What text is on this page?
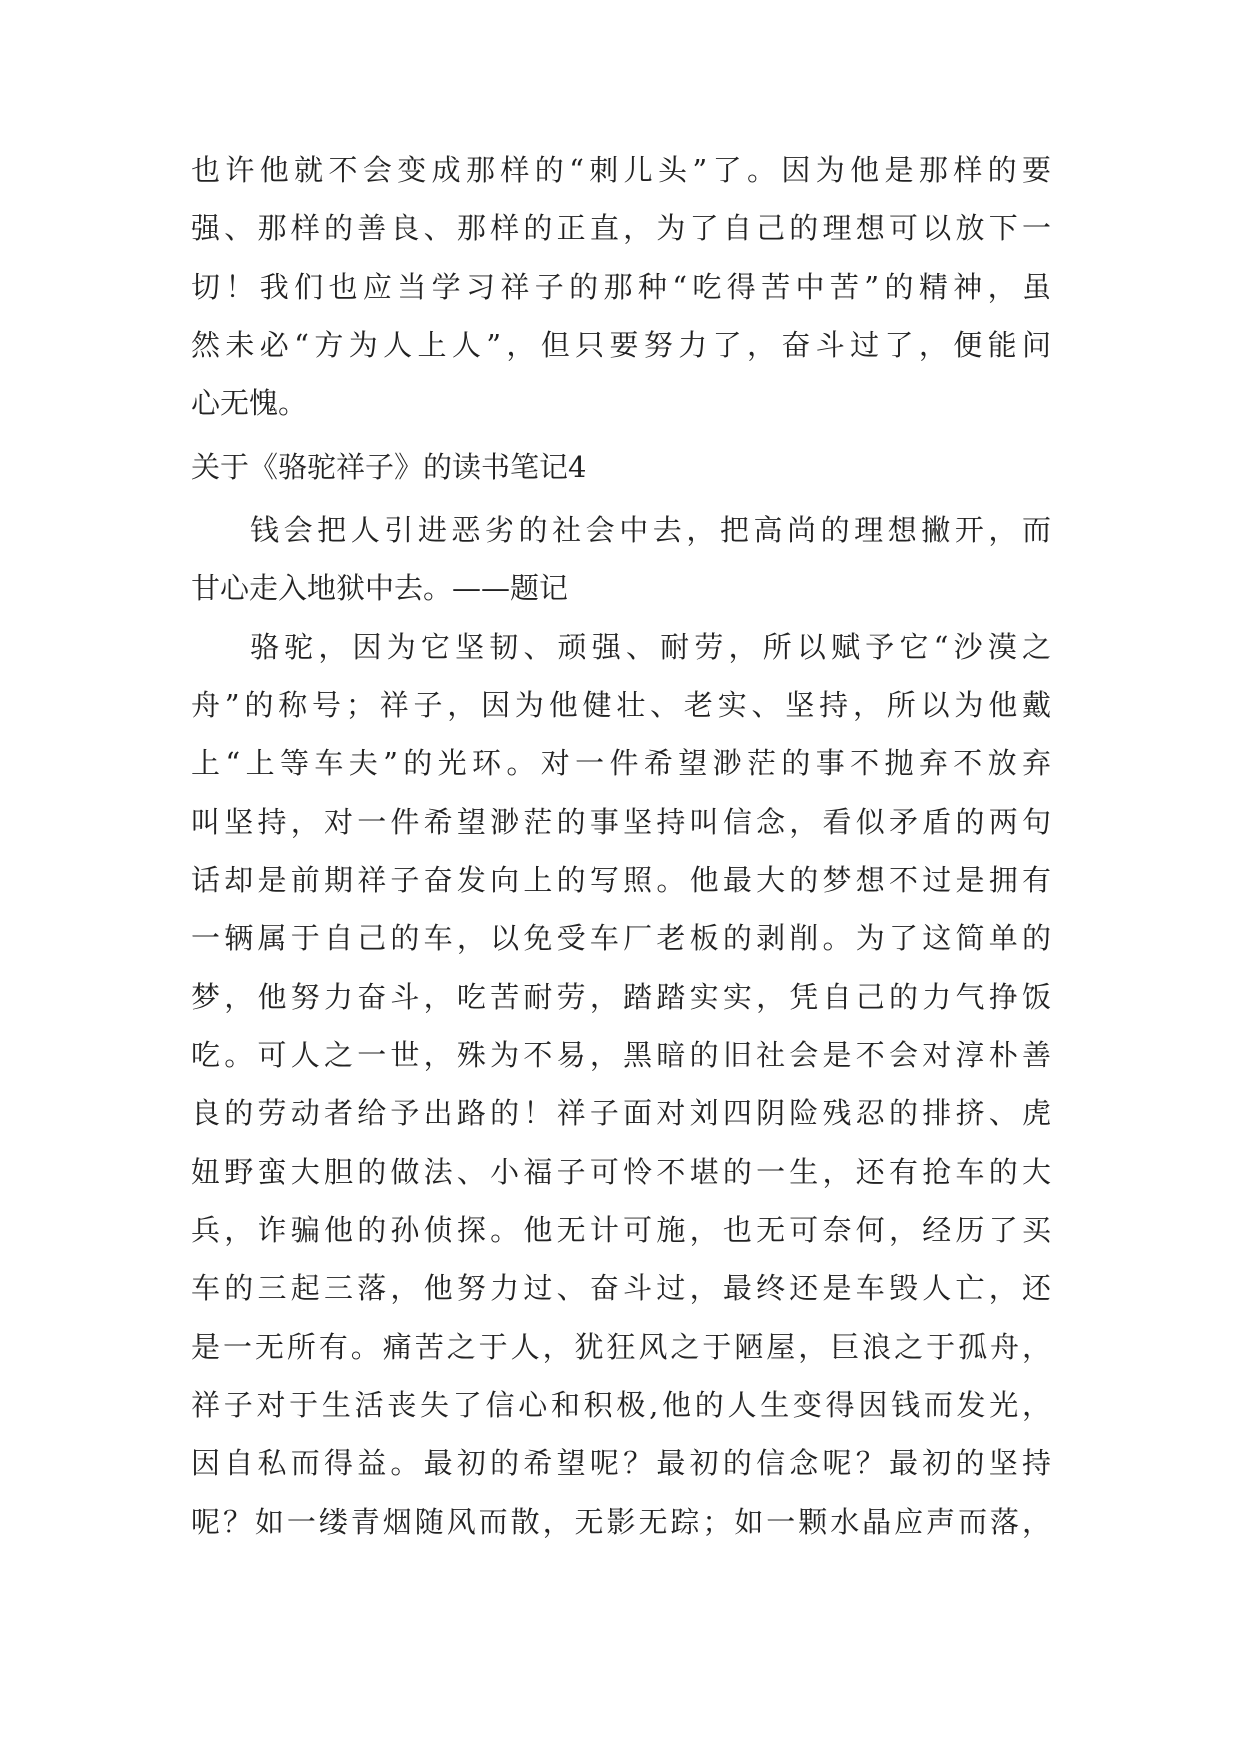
也许他就不会变成那样的“刺儿头”了。因为他是那样的要
强、那样的善良、那样的正直，为了自己的理想可以放下一
切！我们也应当学习祥子的那种“吃得苦中苦”的精神，虽
然未必“方为人上人”，但只要努力了，奋斗过了，便能问
心无愧。
关于《骆驼祥子》的读书笔记4
钱会把人引进恶劣的社会中去，把高尚的理想撇开，而
甘心走入地狱中去。——题记
骆驼，因为它坚韧、顽强、耐劳，所以赋予它“沙漠之
舟”的称号；祥子，因为他健壮、老实、坚持，所以为他戴
上“上等车夫”的光环。对一件希望渺茫的事不抛弃不放弃
叫坚持，对一件希望渺茫的事坚持叫信念，看似矛盾的两句
话却是前期祥子奋发向上的写照。他最大的梦想不过是拥有
一辆属于自己的车，以免受车厂老板的剥削。为了这简单的
梦，他努力奋斗，吃苦耐劳，踏踏实实，凭自己的力气挣饭
吃。可人之一世，殊为不易，黑暗的旧社会是不会对淳朴善
良的劳动者给予出路的！祥子面对刘四阴险残忍的排挤、虎
妞野蛮大胆的做法、小福子可怜不堪的一生，还有抢车的大
兵，诈骗他的孙侦探。他无计可施，也无可奈何，经历了买
车的三起三落，他努力过、奋斗过，最终还是车毁人亡，还
是一无所有。痛苦之于人，犹狂风之于陋屋，巨浪之于孤舟，
祥子对于生活丧失了信心和积极,他的人生变得因钱而发光，
因自私而得益。最初的希望呢？最初的信念呢？最初的坚持
呢？如一缕青烟随风而散，无影无踪；如一颗水晶应声而落，
